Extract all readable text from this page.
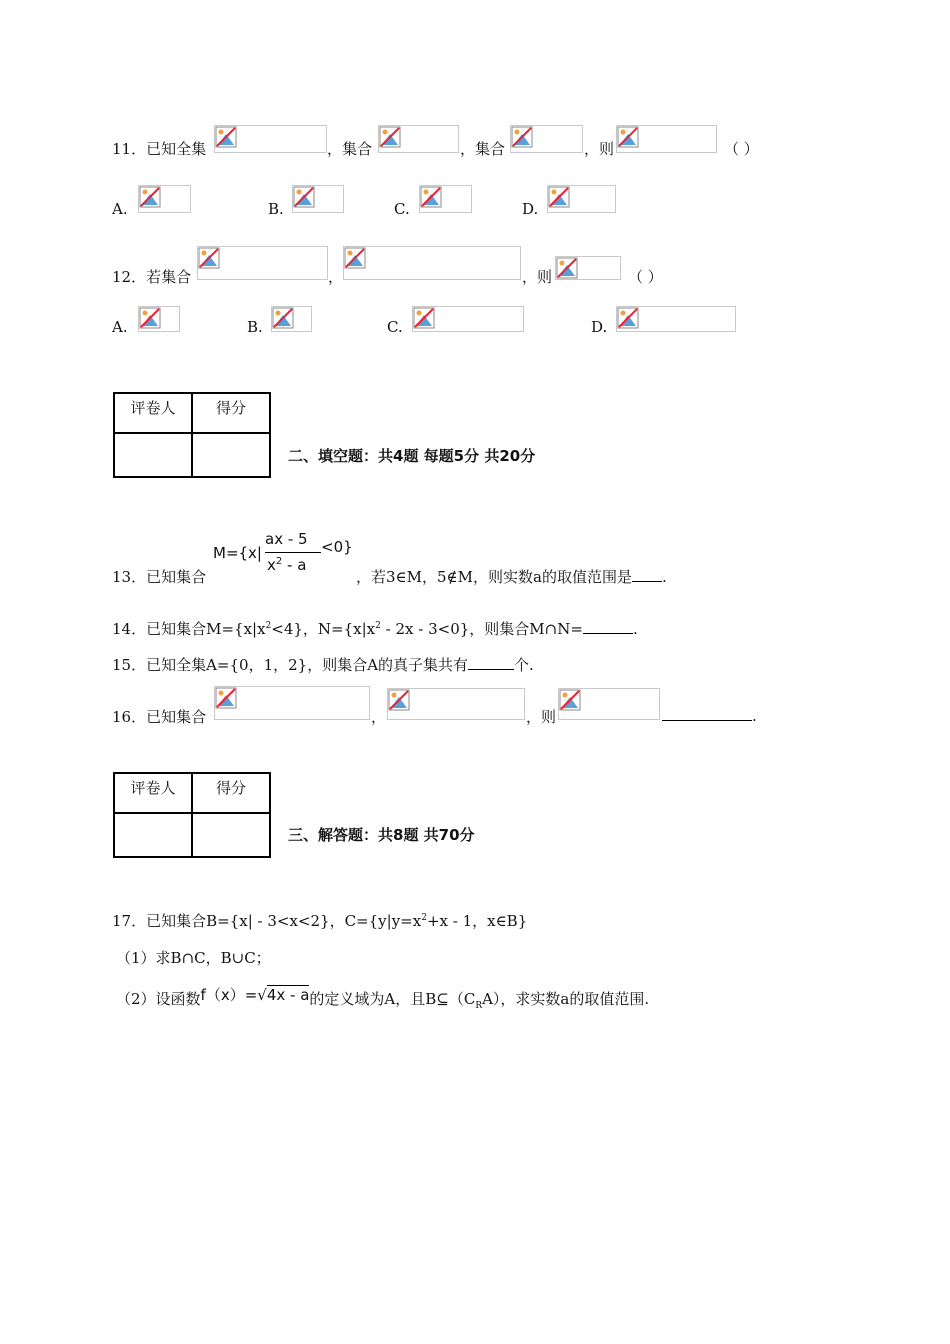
11．已知全集	，集合	，集合	，则	（ ）
A.	B.	C.	D.
12．若集合	，	，则	（ ）
A.	B.	C.	D.
评卷人	得分

二、填空题：共4题 每题5分 共20分
13．已知集合
M={x|
ax - 5
$x^2$ - a
<0}
，若3∈M，5∉M，则实数a的取值范围是 .
14．已知集合$M=\{x|x^2<4\}$，$N=\{x|x^2 - 2x - 3<0\}$，则集合M∩N=	.
15．已知全集A={0，1，2}，则集合A的真子集共有	个.
16．已知集合	，	，则	.
评卷人	得分

三、解答题：共8题 共70分
17．已知集合B={x| - 3<x<2}，$C=\{y|y=x^2+x - 1$，x∈B}
（1）求B∩C，B∪C；
（2）设函数f（x）=√4x - a的定义域为A，且$B⊆(C_RA)$，求实数a的取值范围.
